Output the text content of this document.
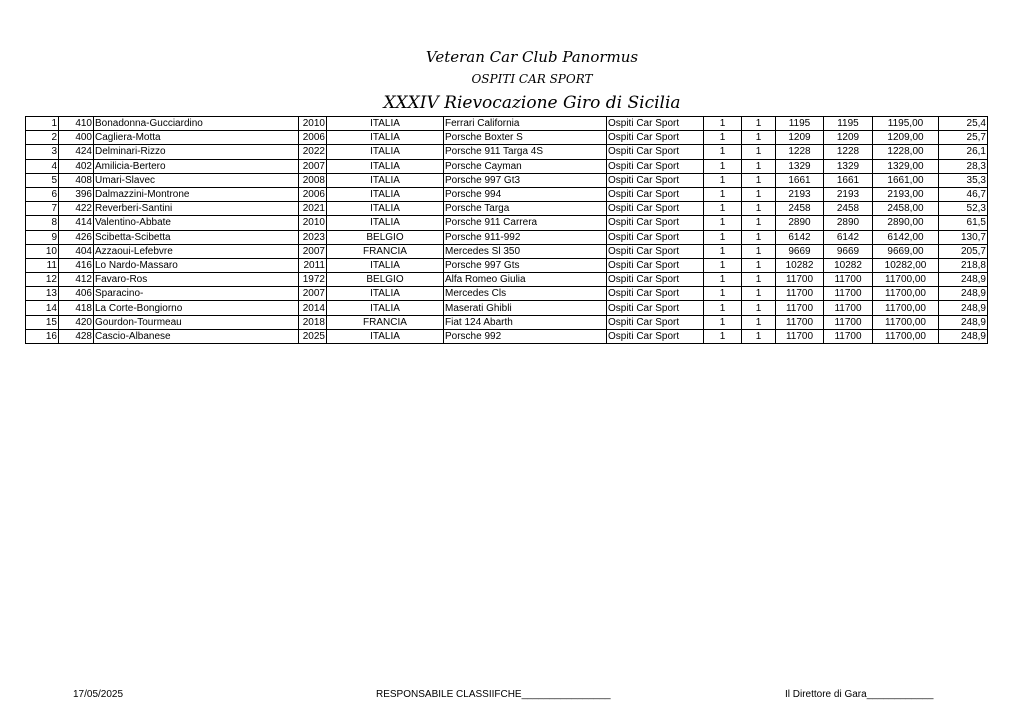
Veteran Car Club Panormus
OSPITI CAR SPORT
XXXIV Rievocazione Giro di Sicilia
1	410	Bonadonna-Gucciardino	2010	ITALIA	Ferrari California	Ospiti Car Sport	1	1	1195	1195	1195,00	25,4
2	400	Cagliera-Motta	2006	ITALIA	Porsche Boxter S	Ospiti Car Sport	1	1	1209	1209	1209,00	25,7
3	424	Delminari-Rizzo	2022	ITALIA	Porsche 911 Targa 4S	Ospiti Car Sport	1	1	1228	1228	1228,00	26,1
4	402	Amilicia-Bertero	2007	ITALIA	Porsche Cayman	Ospiti Car Sport	1	1	1329	1329	1329,00	28,3
5	408	Umari-Slavec	2008	ITALIA	Porsche 997 Gt3	Ospiti Car Sport	1	1	1661	1661	1661,00	35,3
6	396	Dalmazzini-Montrone	2006	ITALIA	Porsche 994	Ospiti Car Sport	1	1	2193	2193	2193,00	46,7
7	422	Reverberi-Santini	2021	ITALIA	Porsche Targa	Ospiti Car Sport	1	1	2458	2458	2458,00	52,3
8	414	Valentino-Abbate	2010	ITALIA	Porsche 911 Carrera	Ospiti Car Sport	1	1	2890	2890	2890,00	61,5
9	426	Scibetta-Scibetta	2023	BELGIO	Porsche 911-992	Ospiti Car Sport	1	1	6142	6142	6142,00	130,7
10	404	Azzaoui-Lefebvre	2007	FRANCIA	Mercedes Sl 350	Ospiti Car Sport	1	1	9669	9669	9669,00	205,7
11	416	Lo Nardo-Massaro	2011	ITALIA	Porsche 997 Gts	Ospiti Car Sport	1	1	10282	10282	10282,00	218,8
12	412	Favaro-Ros	1972	BELGIO	Alfa Romeo Giulia	Ospiti Car Sport	1	1	11700	11700	11700,00	248,9
13	406	Sparacino-	2007	ITALIA	Mercedes Cls	Ospiti Car Sport	1	1	11700	11700	11700,00	248,9
14	418	La Corte-Bongiorno	2014	ITALIA	Maserati Ghibli	Ospiti Car Sport	1	1	11700	11700	11700,00	248,9
15	420	Gourdon-Tourmeau	2018	FRANCIA	Fiat 124 Abarth	Ospiti Car Sport	1	1	11700	11700	11700,00	248,9
16	428	Cascio-Albanese	2025	ITALIA	Porsche 992	Ospiti Car Sport	1	1	11700	11700	11700,00	248,9
17/05/2025	RESPONSABILE CLASSIIFCHE________________	Il Direttore di Gara____________
